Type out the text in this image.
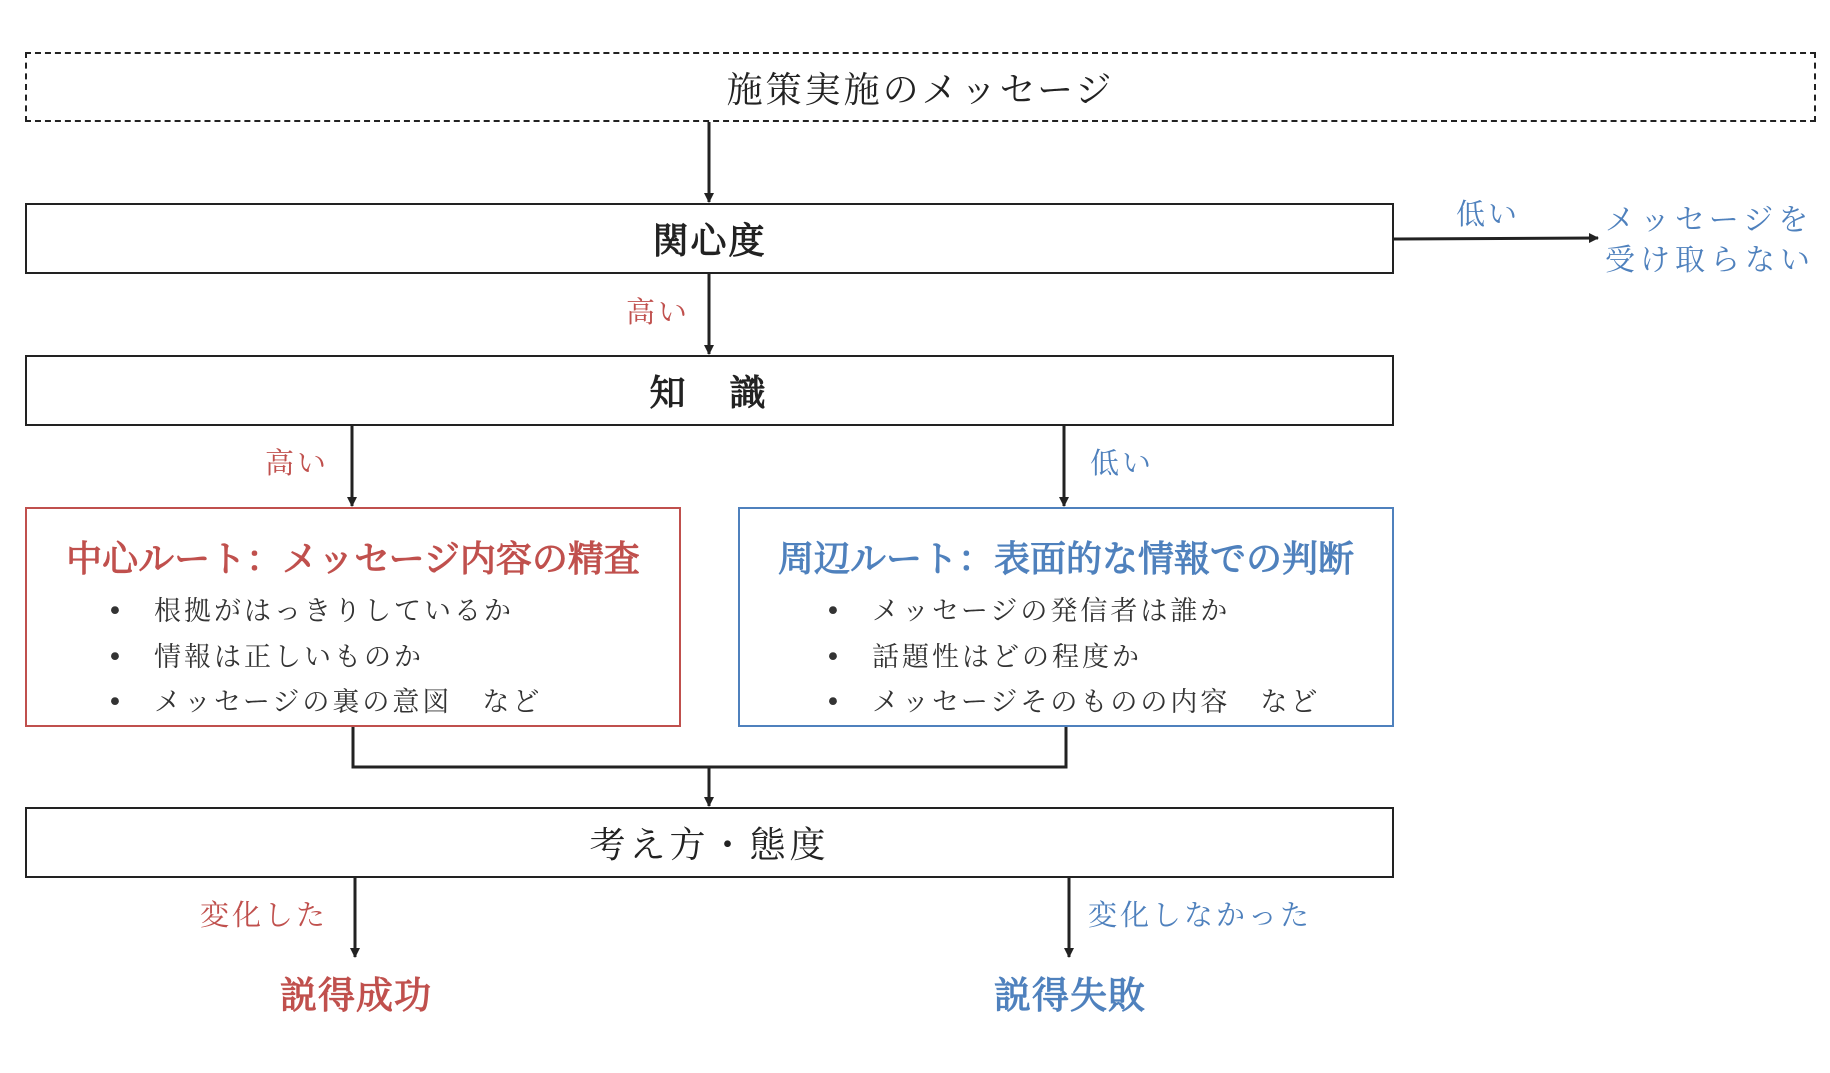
施策実施のメッセージ
関心度
低い	メッセージを
受け取らない
高い
知　識
高い	低い
中心ルート：メッセージ内容の精査
• 根拠がはっきりしているか
• 情報は正しいものか
• メッセージの裏の意図　など
周辺ルート：表面的な情報での判断
• メッセージの発信者は誰か
• 話題性はどの程度か
• メッセージそのものの内容　など
考え方・態度
変化した	変化しなかった
説得成功	説得失敗
